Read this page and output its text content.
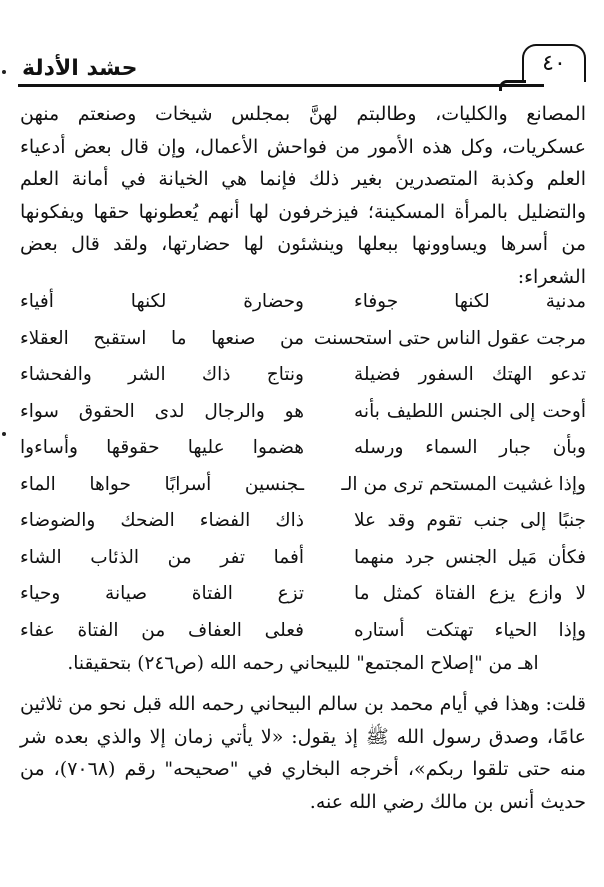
حشد الأدلة	٤٠

المصانع والكليات، وطالبتم لهنَّ بمجلس شيخات وصنعتم منهن عسكريات، وكل هذه الأمور من فواحش الأعمال، وإن قال بعض أدعياء العلم وكذبة المتصدرين بغير ذلك فإنما هي الخيانة في أمانة العلم والتضليل بالمرأة المسكينة؛ فيزخرفون لها أنهم يُعطونها حقها ويفكونها من أسرها ويساوونها ببعلها وينشئون لها حضارتها، ولقد قال بعض الشعراء:

مدنية لكنها جوفاء
وحضارة لكنها أفياء
مرجت عقول الناس حتى استحسنت
من صنعها ما استقبح العقلاء
تدعو الهتك السفور فضيلة
ونتاج ذاك الشر والفحشاء
أوحت إلى الجنس اللطيف بأنه
هو والرجال لدى الحقوق سواء
وبأن جبار السماء ورسله
هضموا عليها حقوقها وأساءوا
وإذا غشيت المستحم ترى من الـ
ـجنسين أسرابًا حواها الماء
جنبًا إلى جنب تقوم وقد علا
ذاك الفضاء الضحك والضوضاء
فكأن مَيل الجنس جرد منهما
أفما تفر من الذئاب الشاء
لا وازع يزع الفتاة كمثل ما
تزع الفتاة صيانة وحياء
وإذا الحياء تهتكت أستاره
فعلى العفاف من الفتاة عفاء
اهـ من "إصلاح المجتمع" للبيحاني رحمه الله (ص٢٤٦) بتحقيقنا.

قلت: وهذا في أيام محمد بن سالم البيحاني رحمه الله قبل نحو من ثلاثين عامًا، وصدق رسول الله ﷺ إذ يقول: «لا يأتي زمان إلا والذي بعده شر منه حتى تلقوا ربكم»، أخرجه البخاري في "صحيحه" رقم (٧٠٦٨)، من حديث أنس بن مالك رضي الله عنه.
